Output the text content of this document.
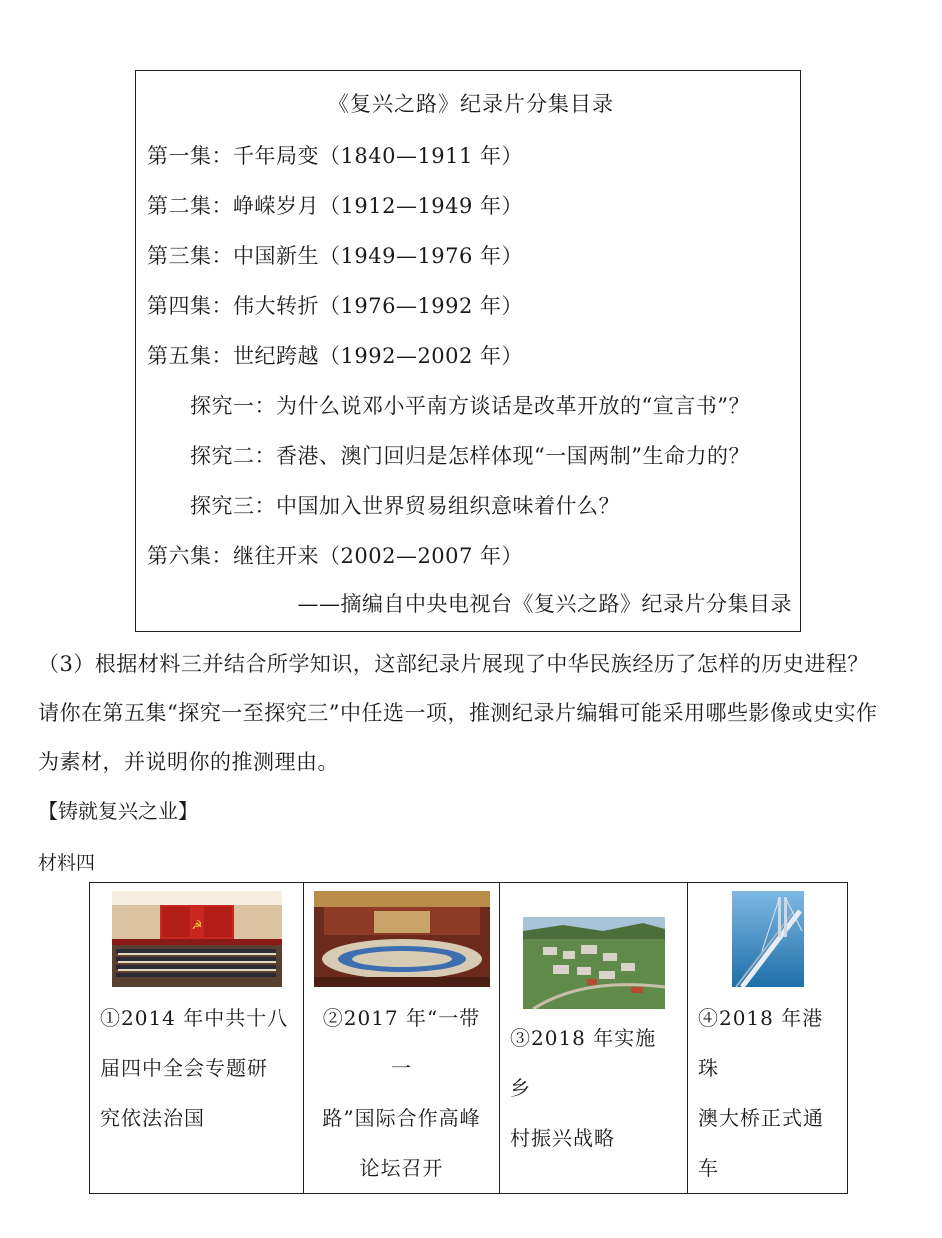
《复兴之路》纪录片分集目录
第一集：千年局变（1840—1911 年）
第二集：峥嵘岁月（1912—1949 年）
第三集：中国新生（1949—1976 年）
第四集：伟大转折（1976—1992 年）
第五集：世纪跨越（1992—2002 年）
探究一：为什么说邓小平南方谈话是改革开放的“宣言书”？
探究二：香港、澳门回归是怎样体现“一国两制”生命力的？
探究三：中国加入世界贸易组织意味着什么？
第六集：继往开来（2002—2007 年）
——摘编自中央电视台《复兴之路》纪录片分集目录
（3）根据材料三并结合所学知识，这部纪录片展现了中华民族经历了怎样的历史进程？
请你在第五集“探究一至探究三”中任选一项，推测纪录片编辑可能采用哪些影像或史实作
为素材，并说明你的推测理由。
【铸就复兴之业】
材料四
☭
①2014 年中共十八
届四中全会专题研
究依法治国

②2017 年“一带一
路”国际合作高峰
论坛召开

③2018 年实施乡
村振兴战略

④2018 年港珠
澳大桥正式通
车
